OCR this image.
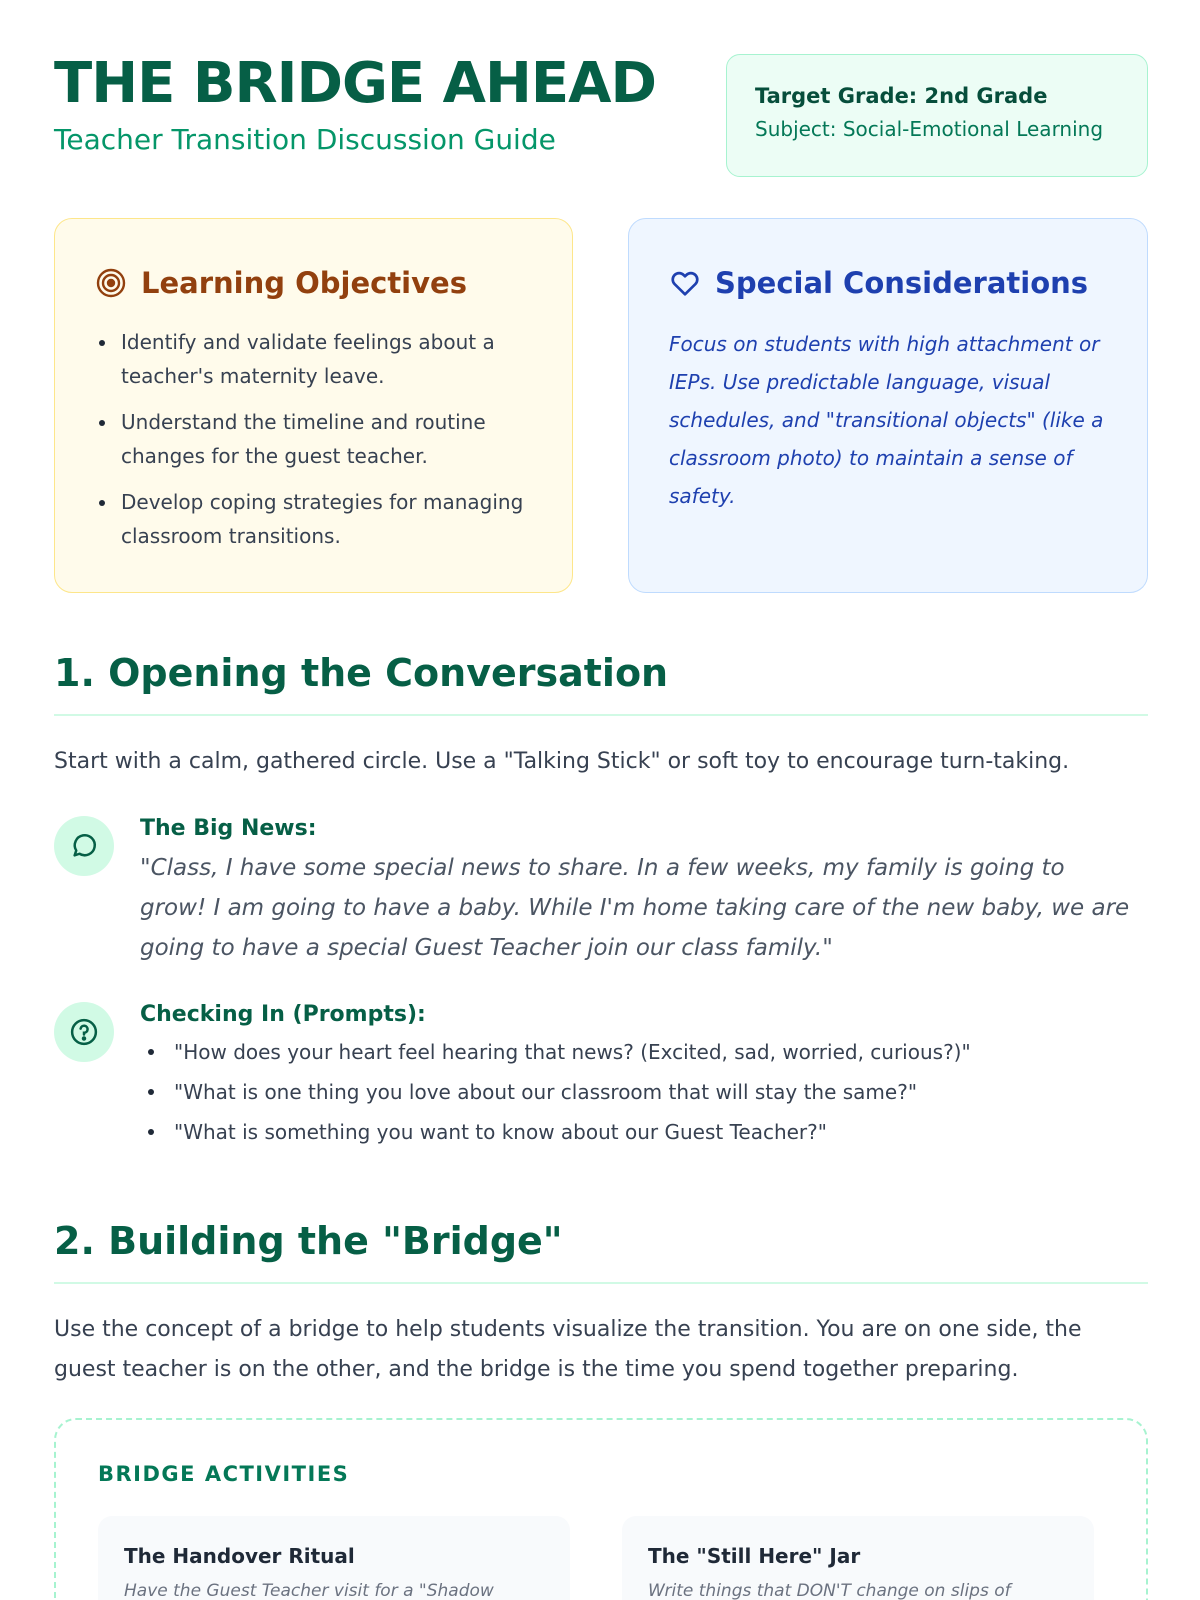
THE BRIDGE AHEAD
Teacher Transition Discussion Guide
Target Grade: 2nd Grade
Subject: Social-Emotional Learning
Learning Objectives
Identify and validate feelings about a teacher's maternity leave.
Understand the timeline and routine changes for the guest teacher.
Develop coping strategies for managing classroom transitions.
Special Considerations

Focus on students with high attachment or IEPs. Use predictable language, visual schedules, and "transitional objects" (like a classroom photo) to maintain a sense of safety.

1. Opening the Conversation

Start with a calm, gathered circle. Use a "Talking Stick" or soft toy to encourage turn-taking.

The Big News:

"Class, I have some special news to share. In a few weeks, my family is going to grow! I am going to have a baby. While I'm home taking care of the new baby, we are going to have a special Guest Teacher join our class family."

Checking In (Prompts):
"How does your heart feel hearing that news? (Excited, sad, worried, curious?)"
"What is one thing you love about our classroom that will stay the same?"
"What is something you want to know about our Guest Teacher?"
2. Building the "Bridge"

Use the concept of a bridge to help students visualize the transition. You are on one side, the guest teacher is on the other, and the bridge is the time you spend together preparing.

BRIDGE ACTIVITIES
The Handover Ritual
Have the Guest Teacher visit for a "Shadow
The "Still Here" Jar
Write things that DON'T change on slips of
